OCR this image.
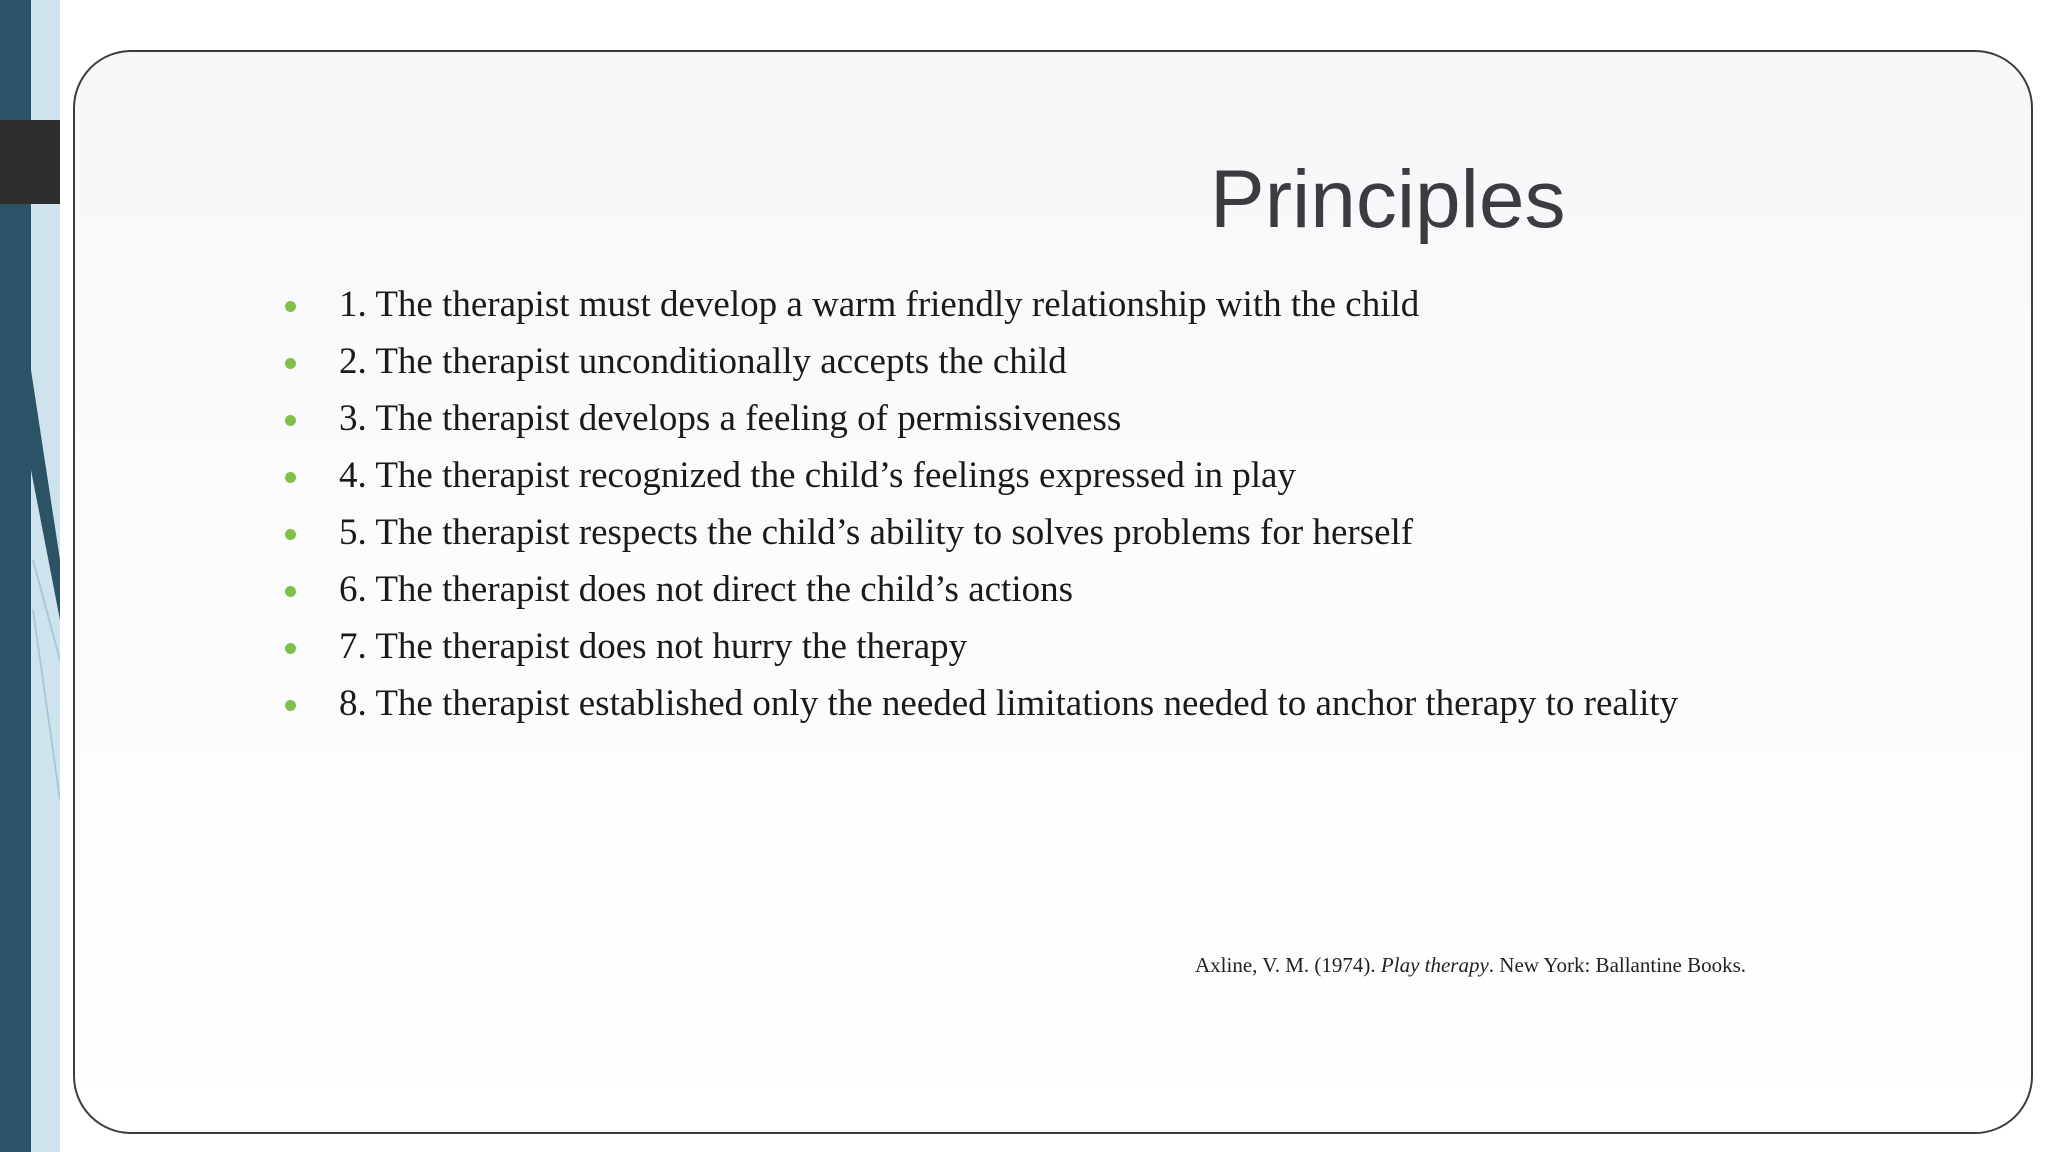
Principles
1. The therapist must develop a warm friendly relationship with the child
2. The therapist unconditionally accepts the child
3. The therapist develops a feeling of permissiveness
4. The therapist recognized the child’s feelings expressed in play
5. The therapist respects the child’s ability to solves problems for herself
6. The therapist does not direct the child’s actions
7. The therapist does not hurry the therapy
8. The therapist established only the needed limitations needed to anchor therapy to reality
Axline, V. M. (1974). Play therapy. New York: Ballantine Books.
